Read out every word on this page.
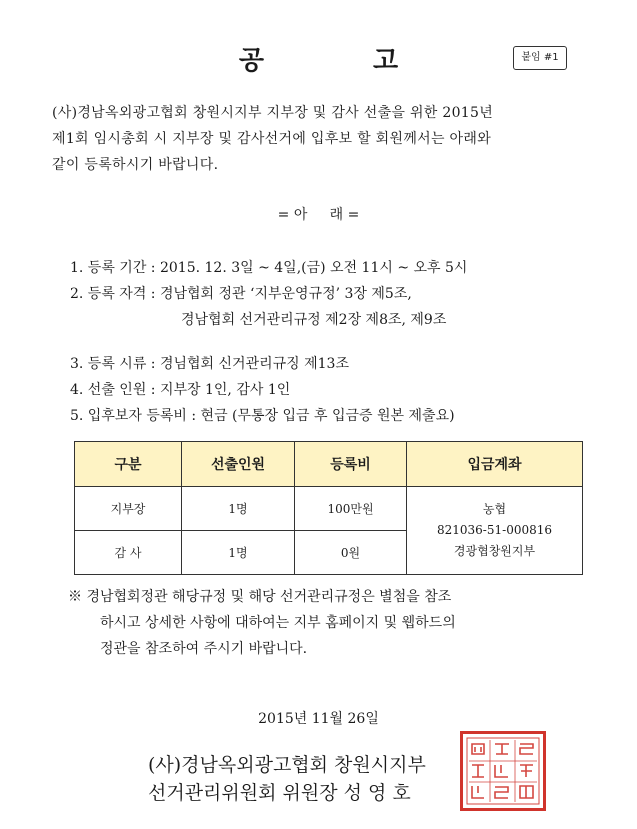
공 고	붙임 #1
(사)경남옥외광고협회 창원시지부 지부장 및 감사 선출을 위한 2015년
제1회 임시총회 시 지부장 및 감사선거에 입후보 할 회원께서는 아래와
같이 등록하시기 바랍니다.
= 아     래 =
1. 등록 기간 : 2015. 12. 3일 ~ 4일,(금) 오전 11시 ~ 오후 5시
2. 등록 자격 : 경남협회 정관 ‘지부운영규정’ 3장 제5조,
경남협회 선거관리규정 제2장 제8조, 제9조
3. 등록 시류 : 경님협회 신거관리규징 제13조
4. 선출 인원 : 지부장 1인, 감사 1인
5. 입후보자 등록비 : 현금 (무통장 입금 후 입금증 원본 제출요)
구분	선출인원	등록비	입금계좌
지부장	1명	100만원	농협
821036-51-000816
경광협창원지부

감 사	1명	0원	
※ 경남협회정관 해당규정 및 해당 선거관리규정은 별첨을 참조
하시고 상세한 사항에 대하여는 지부 홈페이지 및 웹하드의
정관을 참조하여 주시기 바랍니다.
2015년 11월 26일
(사)경남옥외광고협회 창원시지부
선거관리위원회 위원장 성 영 호
